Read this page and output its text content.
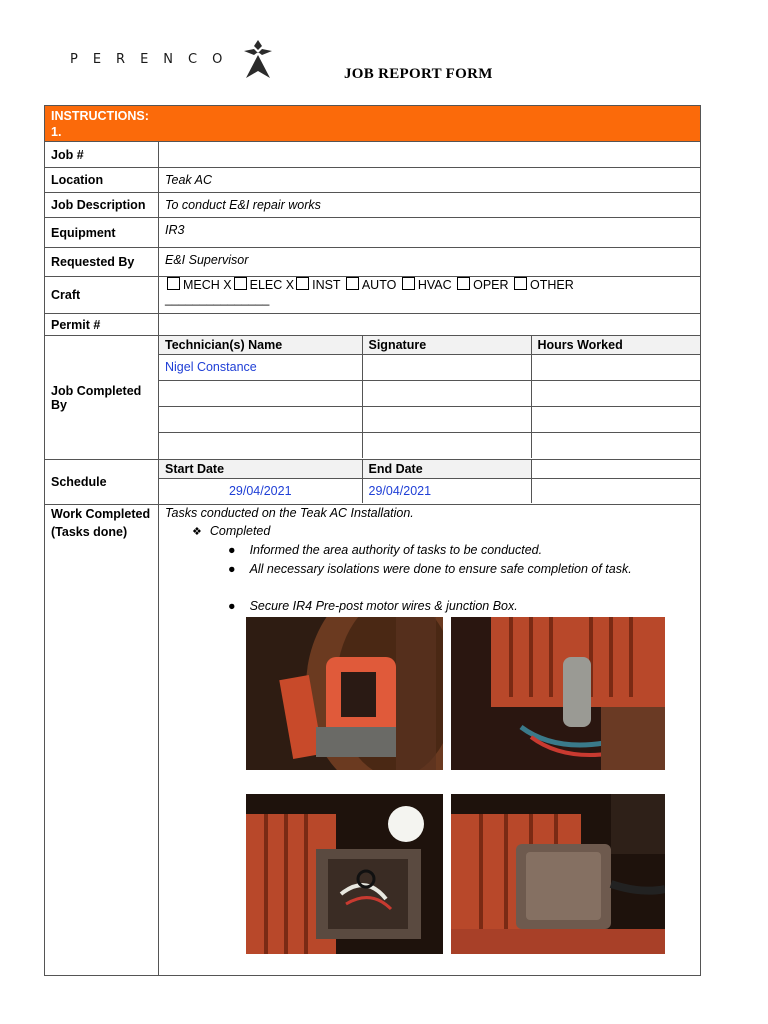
PERENCO
JOB REPORT FORM
INSTRUCTIONS:
1.

Job #	
Location	Teak AC
Job Description	To conduct E&I repair works
Equipment	IR3
Requested By	E&I Supervisor
Craft	
MECH X ELEC X INST AUTO HVAC OPER OTHER
_______________

Permit #	
Job Completed By	
Technician(s) Name	Signature	Hours Worked
Nigel Constance		

Schedule	
Start Date	End Date	
29/04/2021	29/04/2021	

Work Completed
(Tasks done)

Tasks conducted on the Teak AC Installation.
❖ Completed
● Informed the area authority of tasks to be conducted.
● All necessary isolations were done to ensure safe completion of task.
● Secure IR4 Pre-post motor wires & junction Box.
